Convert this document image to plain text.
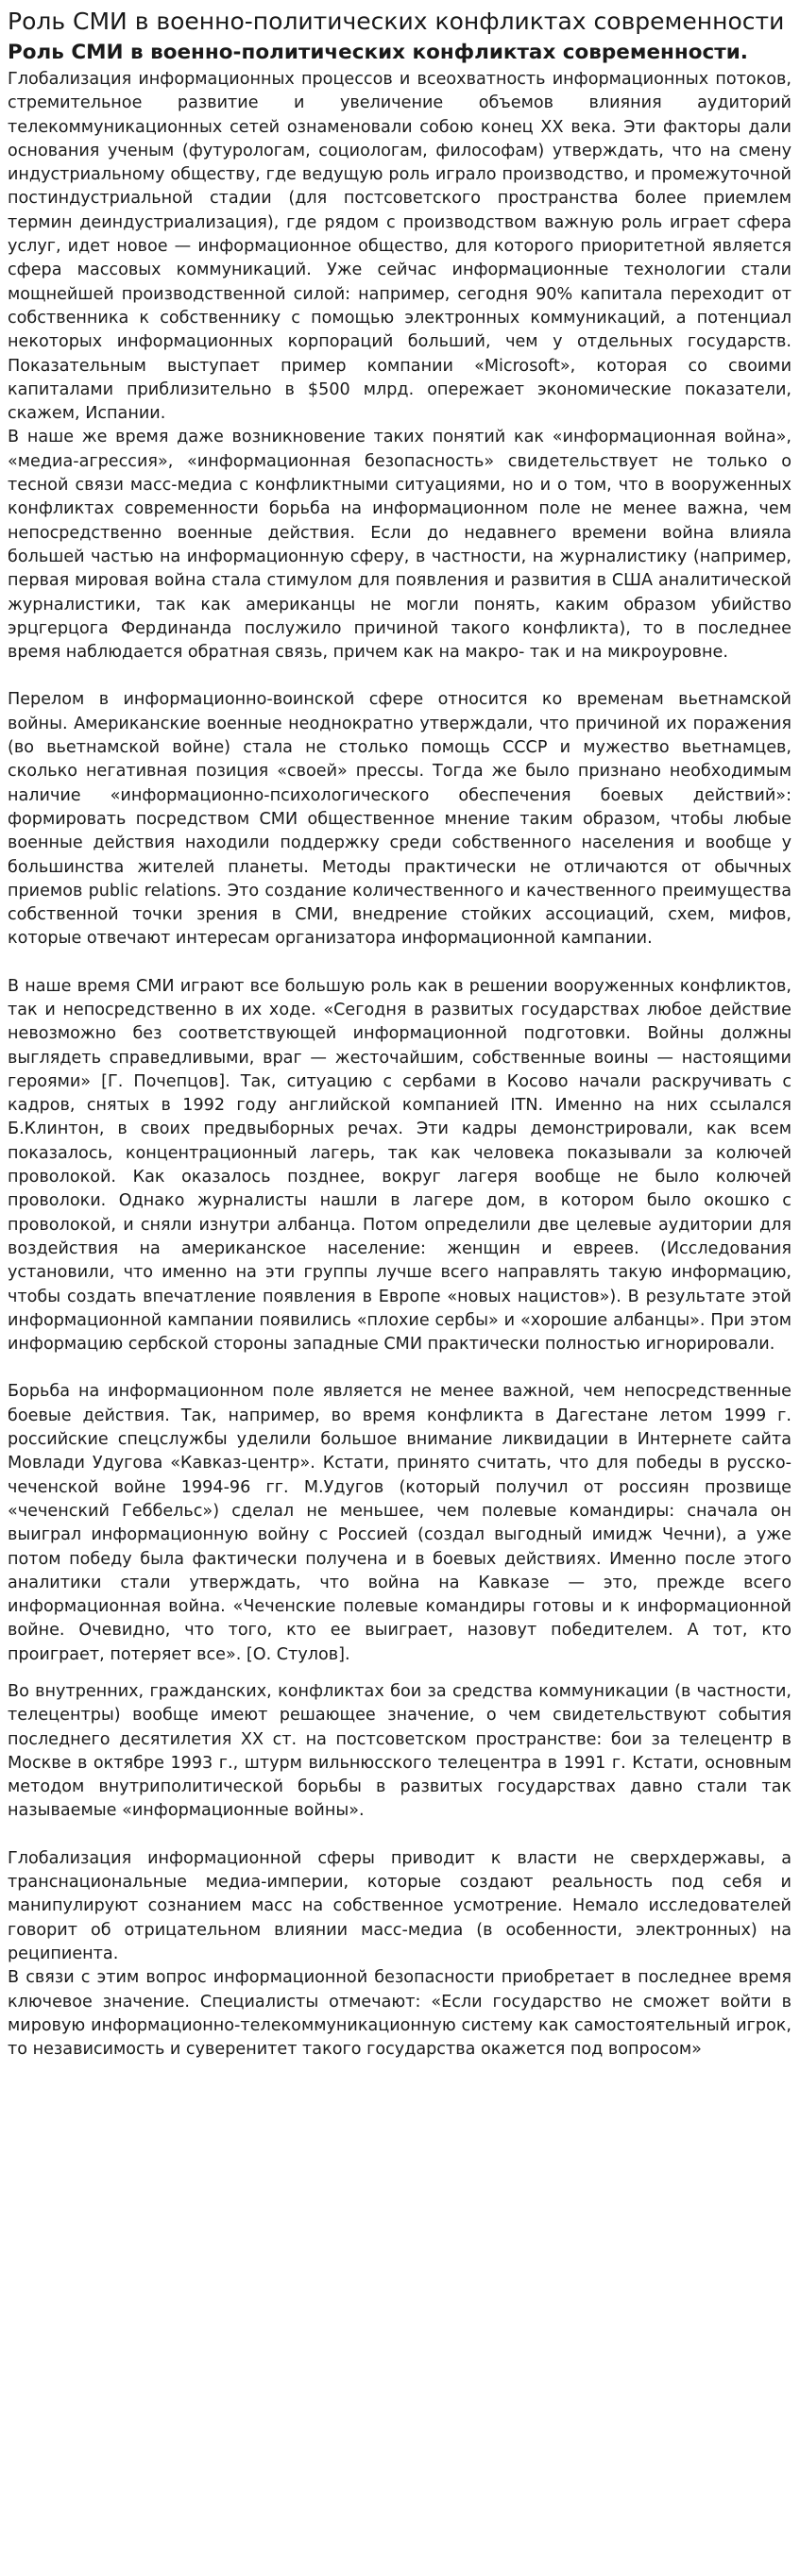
Роль СМИ в военно-политических конфликтах современности
Роль СМИ в военно-политических конфликтах современности.

Глобализация информационных процессов и всеохватность информационных потоков, стремительное развитие и увеличение объемов влияния аудиторий телекоммуникационных сетей ознаменовали собою конец XX века. Эти факторы дали основания ученым (футурологам, социологам, философам) утверждать, что на смену индустриальному обществу, где ведущую роль играло производство, и промежуточной постиндустриальной стадии (для постсоветского пространства более приемлем термин деиндустриализация), где рядом с производством важную роль играет сфера услуг, идет новое — информационное общество, для которого приоритетной является сфера массовых коммуникаций. Уже сейчас информационные технологии стали мощнейшей производственной силой: например, сегодня 90% капитала переходит от собственника к собственнику с помощью электронных коммуникаций, а потенциал некоторых информационных корпораций больший, чем у отдельных государств. Показательным выступает пример компании «Microsoft», которая со своими капиталами приблизительно в $500 млрд. опережает экономические показатели, скажем, Испании.

В наше же время даже возникновение таких понятий как «информационная война», «медиа-агрессия», «информационная безопасность» свидетельствует не только о тесной связи масс-медиа с конфликтными ситуациями, но и о том, что в вооруженных конфликтах современности борьба на информационном поле не менее важна, чем непосредственно военные действия. Если до недавнего времени война влияла большей частью на информационную сферу, в частности, на журналистику (например, первая мировая война стала стимулом для появления и развития в США аналитической журналистики, так как американцы не могли понять, каким образом убийство эрцгерцога Фердинанда послужило причиной такого конфликта), то в последнее время наблюдается обратная связь, причем как на макро- так и на микроуровне.

Перелом в информационно-воинской сфере относится ко временам вьетнамской войны. Американские военные неоднократно утверждали, что причиной их поражения (во вьетнамской войне) стала не столько помощь СССР и мужество вьетнамцев, сколько негативная позиция «своей» прессы. Тогда же было признано необходимым наличие «информационно-психологического обеспечения боевых действий»: формировать посредством СМИ общественное мнение таким образом, чтобы любые военные действия находили поддержку среди собственного населения и вообще у большинства жителей планеты. Методы практически не отличаются от обычных приемов public relations. Это создание количественного и качественного преимущества собственной точки зрения в СМИ, внедрение стойких ассоциаций, схем, мифов, которые отвечают интересам организатора информационной кампании.

В наше время СМИ играют все большую роль как в решении вооруженных конфликтов, так и непосредственно в их ходе. «Сегодня в развитых государствах любое действие невозможно без соответствующей информационной подготовки. Войны должны выглядеть справедливыми, враг — жесточайшим, собственные воины — настоящими героями» [Г. Почепцов]. Так, ситуацию с сербами в Косово начали раскручивать с кадров, снятых в 1992 году английской компанией ITN. Именно на них ссылался Б.Клинтон, в своих предвыборных речах. Эти кадры демонстрировали, как всем показалось, концентрационный лагерь, так как человека показывали за колючей проволокой. Как оказалось позднее, вокруг лагеря вообще не было колючей проволоки. Однако журналисты нашли в лагере дом, в котором было окошко с проволокой, и сняли изнутри албанца. Потом определили две целевые аудитории для воздействия на американское население: женщин и евреев. (Исследования установили, что именно на эти группы лучше всего направлять такую информацию, чтобы создать впечатление появления в Европе «новых нацистов»). В результате этой информационной кампании появились «плохие сербы» и «хорошие албанцы». При этом информацию сербской стороны западные СМИ практически полностью игнорировали.

Борьба на информационном поле является не менее важной, чем непосредственные боевые действия. Так, например, во время конфликта в Дагестане летом 1999 г. российские спецслужбы уделили большое внимание ликвидации в Интернете сайта Мовлади Удугова «Кавказ-центр». Кстати, принято считать, что для победы в русско-чеченской войне 1994-96 гг. М.Удугов (который получил от россиян прозвище «чеченский Геббельс») сделал не меньшее, чем полевые командиры: сначала он выиграл информационную войну с Россией (создал выгодный имидж Чечни), а уже потом победу была фактически получена и в боевых действиях. Именно после этого аналитики стали утверждать, что война на Кавказе — это, прежде всего информационная война. «Чеченские полевые командиры готовы и к информационной войне. Очевидно, что того, кто ее выиграет, назовут победителем. А тот, кто проиграет, потеряет все». [О. Стулов].

Во внутренних, гражданских, конфликтах бои за средства коммуникации (в частности, телецентры) вообще имеют решающее значение, о чем свидетельствуют события последнего десятилетия XX ст. на постсоветском пространстве: бои за телецентр в Москве в октябре 1993 г., штурм вильнюсского телецентра в 1991 г. Кстати, основным методом внутриполитической борьбы в развитых государствах давно стали так называемые «информационные войны».

Глобализация информационной сферы приводит к власти не сверхдержавы, а транснациональные медиа-империи, которые создают реальность под себя и манипулируют сознанием масс на собственное усмотрение. Немало исследователей говорит об отрицательном влиянии масс-медиа (в особенности, электронных) на реципиента.

В связи с этим вопрос информационной безопасности приобретает в последнее время ключевое значение. Специалисты отмечают: «Если государство не сможет войти в мировую информационно-телекоммуникационную систему как самостоятельный игрок, то независимость и суверенитет такого государства окажется под вопросом»
